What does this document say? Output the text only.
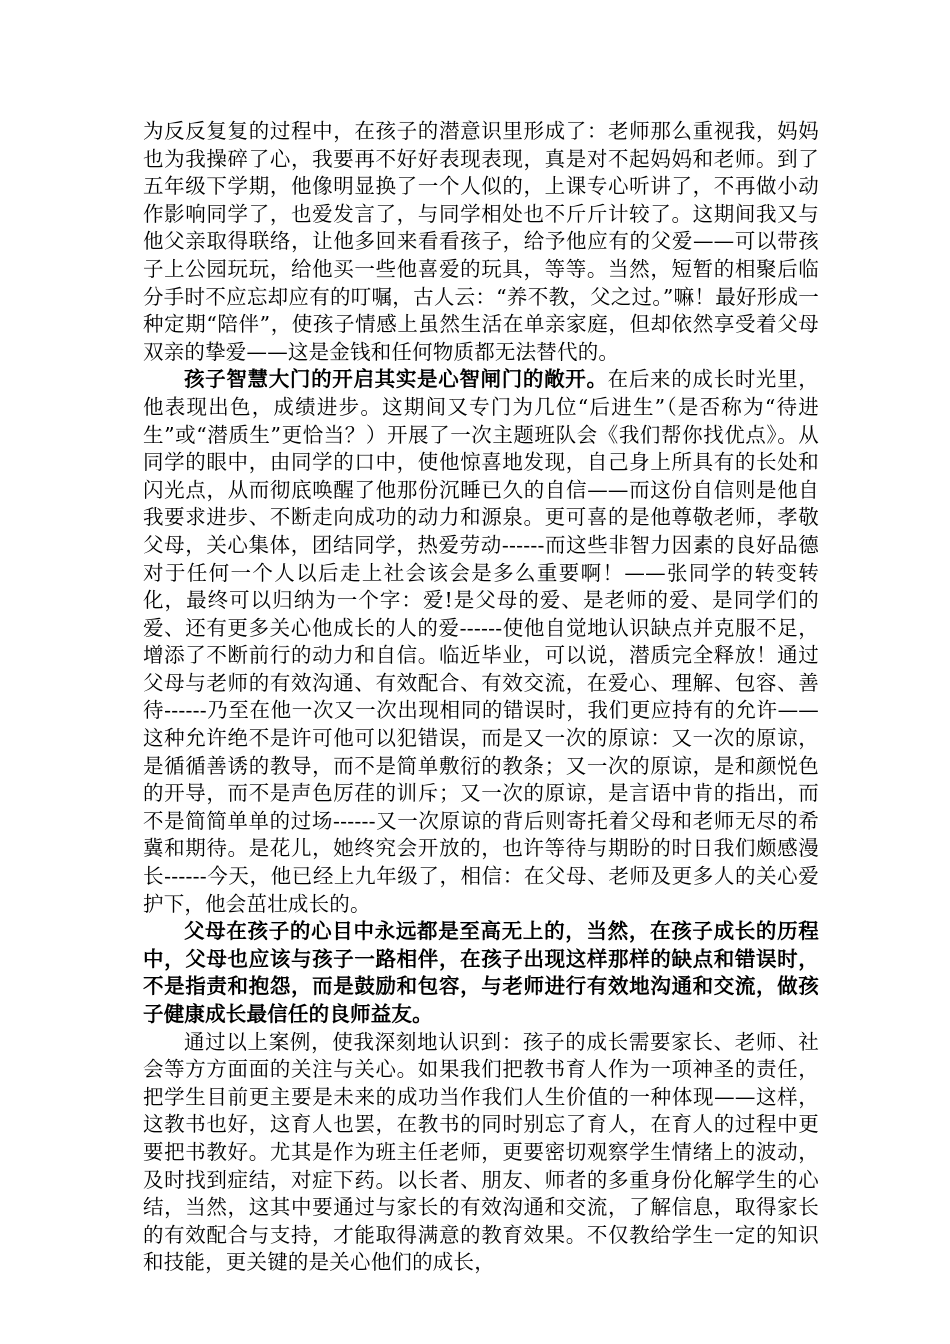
为反反复复的过程中，在孩子的潜意识里形成了：老师那么重视我，妈妈也为我操碎了心，我要再不好好表现表现，真是对不起妈妈和老师。到了五年级下学期，他像明显换了一个人似的，上课专心听讲了，不再做小动作影响同学了，也爱发言了，与同学相处也不斤斤计较了。这期间我又与他父亲取得联络，让他多回来看看孩子，给予他应有的父爱——可以带孩子上公园玩玩，给他买一些他喜爱的玩具，等等。当然，短暂的相聚后临分手时不应忘却应有的叮嘱，古人云：“养不教，父之过。”嘛！最好形成一种定期“陪伴”，使孩子情感上虽然生活在单亲家庭，但却依然享受着父母双亲的挚爱——这是金钱和任何物质都无法替代的。

孩子智慧大门的开启其实是心智闸门的敞开。在后来的成长时光里，他表现出色，成绩进步。这期间又专门为几位“后进生”（是否称为“待进生”或“潜质生”更恰当？）开展了一次主题班队会《我们帮你找优点》。从同学的眼中，由同学的口中，使他惊喜地发现，自己身上所具有的长处和闪光点，从而彻底唤醒了他那份沉睡已久的自信——而这份自信则是他自我要求进步、不断走向成功的动力和源泉。更可喜的是他尊敬老师，孝敬父母，关心集体，团结同学，热爱劳动------而这些非智力因素的良好品德对于任何一个人以后走上社会该会是多么重要啊！——张同学的转变转化，最终可以归纳为一个字：爱!是父母的爱、是老师的爱、是同学们的爱、还有更多关心他成长的人的爱------使他自觉地认识缺点并克服不足，增添了不断前行的动力和自信。临近毕业，可以说，潜质完全释放！通过父母与老师的有效沟通、有效配合、有效交流，在爱心、理解、包容、善待------乃至在他一次又一次出现相同的错误时，我们更应持有的允许——这种允许绝不是许可他可以犯错误，而是又一次的原谅：又一次的原谅，是循循善诱的教导，而不是简单敷衍的教条；又一次的原谅，是和颜悦色的开导，而不是声色厉荏的训斥；又一次的原谅，是言语中肯的指出，而不是简简单单的过场------又一次原谅的背后则寄托着父母和老师无尽的希冀和期待。是花儿，她终究会开放的，也许等待与期盼的时日我们颇感漫长------今天，他已经上九年级了，相信：在父母、老师及更多人的关心爱护下，他会茁壮成长的。

父母在孩子的心目中永远都是至高无上的，当然，在孩子成长的历程中，父母也应该与孩子一路相伴，在孩子出现这样那样的缺点和错误时，不是指责和抱怨，而是鼓励和包容，与老师进行有效地沟通和交流，做孩子健康成长最信任的良师益友。

通过以上案例，使我深刻地认识到：孩子的成长需要家长、老师、社会等方方面面的关注与关心。如果我们把教书育人作为一项神圣的责任，把学生目前更主要是未来的成功当作我们人生价值的一种体现——这样，这教书也好，这育人也罢，在教书的同时别忘了育人，在育人的过程中更要把书教好。尤其是作为班主任老师，更要密切观察学生情绪上的波动，及时找到症结，对症下药。以长者、朋友、师者的多重身份化解学生的心结，当然，这其中要通过与家长的有效沟通和交流，了解信息，取得家长的有效配合与支持，才能取得满意的教育效果。不仅教给学生一定的知识和技能，更关键的是关心他们的成长，
